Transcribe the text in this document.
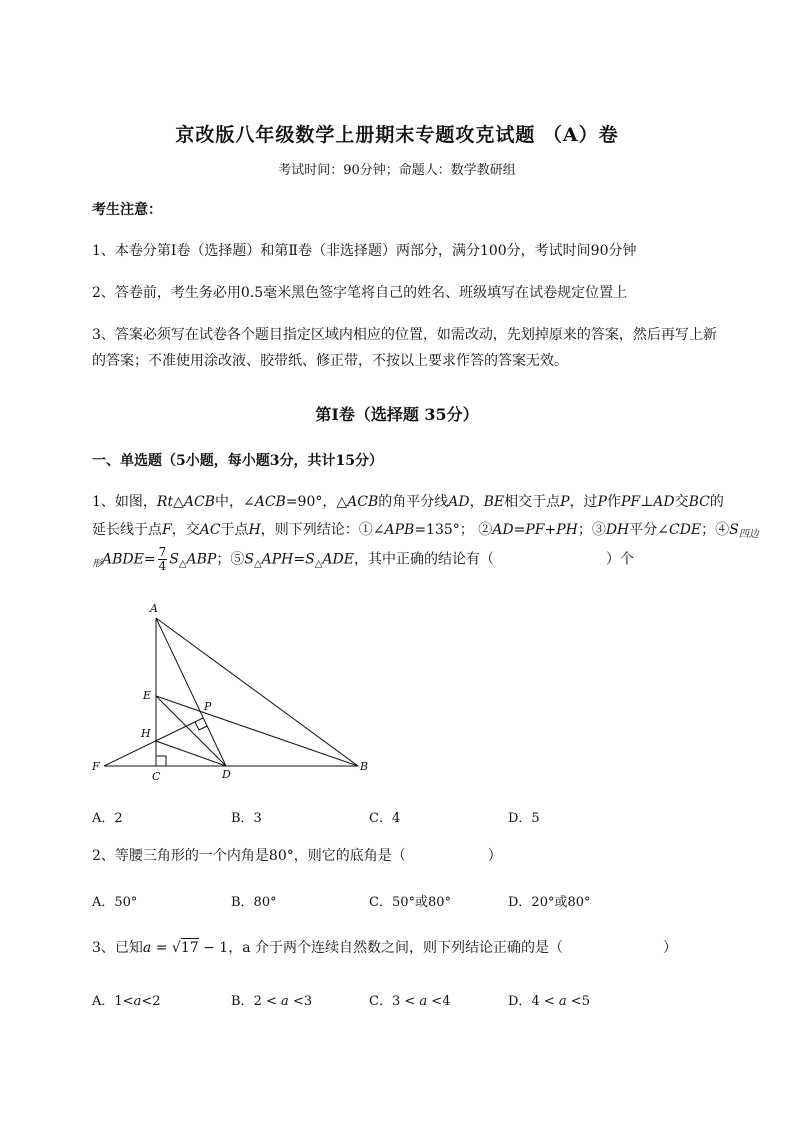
京改版八年级数学上册期末专题攻克试题 （A）卷
考试时间：90分钟；命题人：数学教研组
考生注意：
1、本卷分第I卷（选择题）和第Ⅱ卷（非选择题）两部分，满分100分，考试时间90分钟
2、答卷前，考生务必用0.5毫米黑色签字笔将自己的姓名、班级填写在试卷规定位置上
3、答案必须写在试卷各个题目指定区域内相应的位置，如需改动，先划掉原来的答案，然后再写上新
的答案；不准使用涂改液、胶带纸、修正带，不按以上要求作答的答案无效。
第I卷（选择题 35分）
一、单选题（5小题，每小题3分，共计15分）
1、如图，Rt△ACB中，∠ACB=90°，△ACB的角平分线AD，BE相交于点P，过P作PF⊥AD交BC的
延长线于点F，交AC于点H，则下列结论：①∠APB=135°； ②AD=PF+PH；③DH平分∠CDE；$④S_{四边}$
$_形$ABDE= $\frac{7}{4} S_\triangle ABP$；$⑤S_\triangle APH=S_\triangle ADE$，其中正确的结论有（	）个
A
E
P
H
F
C	D
B
A．2	B．3	C．4	D．5
2、等腰三角形的一个内角是80°，则它的底角是（	）
A．50°	B．80°	C．50°或80°	D．20°或80°
3、已知a = √17 − 1，a 介于两个连续自然数之间，则下列结论正确的是（	）
A．1<a<2	B．2 < a <3	C．3 < a <4	D．4 < a <5
